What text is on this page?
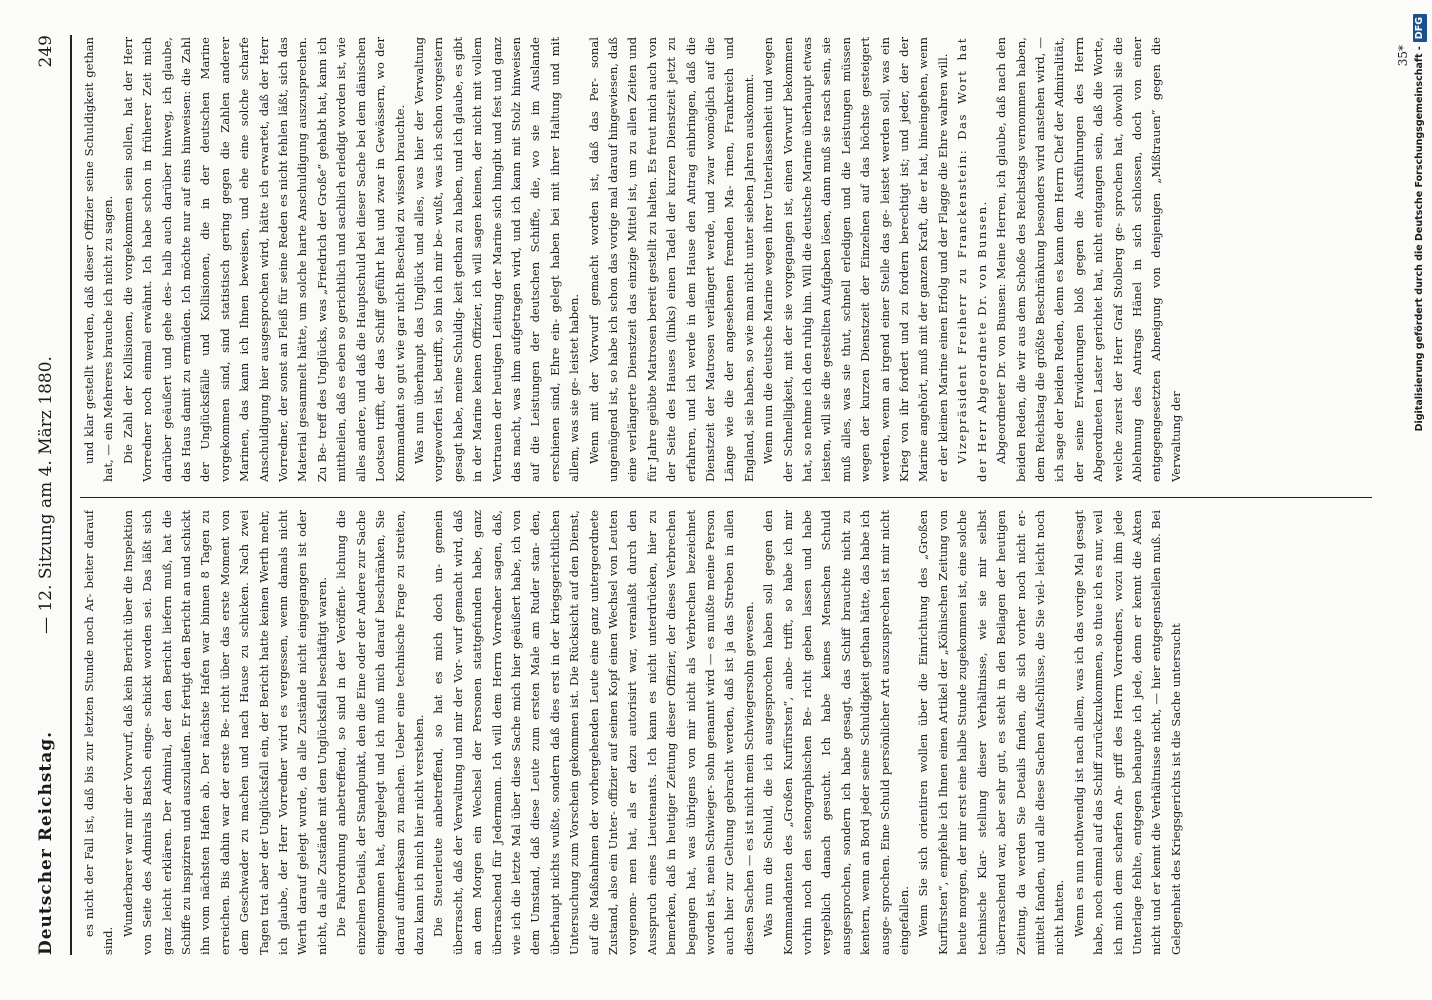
Deutscher Reichstag.
— 12. Sitzung am 4. März 1880.
249

es nicht der Fall ist, daß bis zur letzten Stunde noch Ar- beiter darauf sind.

Wunderbarer war mir der Vorwurf, daß kein Bericht über die Inspektion von Seite des Admirals Batsch einge- schickt worden sei. Das läßt sich ganz leicht erklären. Der Admiral, der den Bericht liefern muß, hat die Schiffe zu inspiziren und auszulaufen. Er fertigt den Bericht an und schickt ihn vom nächsten Hafen ab. Der nächste Hafen war binnen 8 Tagen zu erreichen. Bis dahin war der erste Be- richt über das erste Moment von dem Geschwader zu machen und nach Hause zu schicken. Nach zwei Tagen trat aber der Unglücksfall ein, der Bericht hatte keinen Werth mehr, ich glaube, der Herr Vorredner wird es vergessen, wenn damals nicht Werth darauf gelegt wurde, da alle Zustände nicht eingegangen ist oder nicht, da alle Zustände mit dem Unglücksfall beschäftigt waren. Die Fahrordnung anbetreffend, so sind in der Veröffent- lichung die einzelnen Details, der Standpunkt, den die Eine oder der Andere zur Sache eingenommen hat, dargelegt und ich muß mich darauf beschränken, Sie darauf aufmerksam zu machen. Ueber eine technische Frage zu streiten, dazu kann ich mich hier nicht verstehen. Die Steuerleute anbetreffend, so hat es mich doch un- gemein überrascht, daß der Verwaltung und mir der Vor- wurf gemacht wird, daß an dem Morgen ein Wechsel der Personen stattgefunden habe, ganz überraschend für Jedermann. Ich will dem Herrn Vorredner sagen, daß, wie ich die letzte Mal über diese Sache mich hier geäußert habe, ich von dem Umstand, daß diese Leute zum ersten Male am Ruder stan- den, überhaupt nichts wußte, sondern daß dies erst in der kriegsgerichtlichen Untersuchung zum Vorschein gekommen ist. Die Rücksicht auf den Dienst, auf die Maßnahmen der vorhergehenden Leute eine ganz untergeordnete Zustand, also ein Unter- offizier auf seinen Kopf einen Wechsel von Leuten vorgenom- men hat, als er dazu autorisirt war, veranlaßt durch den Ausspruch eines Lieutenants. Ich kann es nicht unterdrücken, hier zu bemerken, daß in heutiger Zeitung dieser Offizier, der dieses Verbrechen begangen hat, was übrigens von mir nicht als Verbrechen bezeichnet worden ist, mein Schwieger- sohn genannt wird — es mußte meine Person auch hier zur Geltung gebracht werden, daß ist ja das Streben in allen diesen Sachen — es ist nicht mein Schwiegersohn gewesen. Was nun die Schuld, die ich ausgesprochen haben soll gegen den Kommandanten des „Großen Kurfürsten“, anbe- trifft, so habe ich mir vorhin noch den stenographischen Be- richt geben lassen und habe vergeblich danach gesucht. Ich habe keines Menschen Schuld ausgesprochen, sondern ich habe gesagt, das Schiff brauchte nicht zu kentern, wenn an Bord jeder seine Schuldigkeit gethan hätte, das habe ich ausge- sprochen. Eine Schuld persönlicher Art auszusprechen ist mir nicht eingefallen. Wenn Sie sich orientiren wollen über die Einrichtung des „Großen Kurfürsten“, empfehle ich Ihnen einen Artikel der „Kölnischen Zeitung von heute morgen, der mir erst eine halbe Stunde zugekommen ist, eine solche technische Klar- stellung dieser Verhältnisse, wie sie mir selbst überraschend war, aber sehr gut, es steht in den Beilagen der heutigen Zeitung, da werden Sie Details finden, die sich vorher noch nicht er- mittelt fanden, und alle diese Sachen Aufschlüsse, die Sie viel- leicht noch nicht hatten. Wenn es nun nothwendig ist nach allem, was ich das vorige Mal gesagt habe, noch einmal auf das Schiff zurückzukommen, so thue ich es nur, weil ich mich dem scharfen An- griff des Herrn Vorredners, wozu ihm jede Unterlage fehlte, entgegen behaupte ich jede, denn er kennt die Akten nicht und er kennt die Verhältnisse nicht, — hier entgegenstellen muß. Bei Gelegenheit des Kriegsgerichts ist die Sache untersucht

und klar gestellt werden, daß dieser Offizier seine Schuldigkeit gethan hat, — ein Mehreres brauche ich nicht zu sagen. Die Zahl der Kollisionen, die vorgekommen sein sollen, hat der Herr Vorredner noch einmal erwähnt. Ich habe schon in früherer Zeit mich darüber geäußert und gehe des- halb auch darüber hinweg, ich glaube, das Haus damit zu ermüden. Ich möchte nur auf eins hinweisen: die Zahl der Unglücksfälle und Kollisionen, die in der deutschen Marine vorgekommen sind, sind statistisch gering gegen die Zahlen anderer Marinen, das kann ich Ihnen beweisen, und ehe eine solche scharfe Anschuldigung hier ausgesprochen wird, hätte ich erwartet, daß der Herr Vorredner, der sonst an Fleiß für seine Reden es nicht fehlen läßt, sich das Material gesammelt hätte, um solche harte Anschuldigung auszusprechen. Zu Be- treff des Unglücks, was „Friedrich der Große“ gehabt hat, kann ich mittheilen, daß es eben so gerichtlich und sachlich erledigt worden ist, wie alles andere, und daß die Hauptschuld bei dieser Sache bei dem dänischen Lootsen trifft, der das Schiff geführt hat und zwar in Gewässern, wo der Kommandant so gut wie gar nicht Bescheid zu wissen brauchte. Was nun überhaupt das Unglück und alles, was hier der Verwaltung vorgeworfen ist, betrifft, so bin ich mir be- wußt, was ich schon vorgestern gesagt habe, meine Schuldig- keit gethan zu haben, und ich glaube, es gibt in der Marine keinen Offizier, ich will sagen keinen, der nicht mit vollem Vertrauen der heutigen Leitung der Marine sich hingibt und fest und ganz das macht, was ihm aufgetragen wird, und ich kann mit Stolz hinweisen auf die Leistungen der deutschen Schiffe, die, wo sie im Auslande erschienen sind, Ehre ein- gelegt haben bei mit ihrer Haltung und mit allem, was sie ge- leistet haben. Wenn mit der Vorwurf gemacht worden ist, daß das Per- sonal ungenügend ist, so habe ich schon das vorige mal darauf hingewiesen, daß eine verlängerte Dienstzeit das einzige Mittel ist, um zu allen Zeiten und für Jahre geübte Matrosen bereit gestellt zu halten. Es freut mich auch von der Seite des Hauses (links) einen Tadel der kurzen Dienstzeit jetzt zu erfahren, und ich werde in dem Hause den Antrag einbringen, daß die Dienstzeit der Matrosen verlängert werde, und zwar womöglich auf die Länge wie die der angesehenen fremden Ma- rinen, Frankreich und England, sie haben, so wie man nicht unter sieben Jahren auskommt. Wenn nun die deutsche Marine wegen ihrer Unterlassenheit und wegen der Schnelligkeit, mit der sie vorgegangen ist, einen Vorwurf bekommen hat, so nehme ich den ruhig hin. Will die deutsche Marine überhaupt etwas leisten, will sie die gestellten Aufgaben lösen, dann muß sie rasch sein, sie muß alles, was sie thut, schnell erledigen und die Leistungen müssen wegen der kurzen Dienstzeit der Einzelnen auf das höchste gesteigert werden, wenn an irgend einer Stelle das ge- leistet werden soll, was ein Krieg von ihr fordert und zu fordern berechtigt ist; und jeder, der der Marine angehört, muß mit der ganzen Kraft, die er hat, hineingehen, wenn er der kleinen Marine einen Erfolg und der Flagge die Ehre wahren will. Vizepräsident Freiherr zu Franckenstein: Das Wort hat der Herr Abgeordnete Dr. von Bunsen. Abgeordneter Dr. von Bunsen: Meine Herren, ich glaube, daß nach den beiden Reden, die wir aus dem Schoße des Reichstags vernommen haben, dem Reichstag die größte Beschränkung besonders wird anstehen wird, — ich sage der beiden Reden, denn es kann dem Herrn Chef der Admiralität, der seine Erwiderungen bloß gegen die Ausführungen des Herrn Abgeordneten Laster gerichtet hat, nicht entgangen sein, daß die Worte, welche zuerst der Herr Graf Stolberg ge- sprochen hat, obwohl sie die Ablehnung des Antrags Hänel in sich schlossen, doch von einer entgegengesetzten Abneigung von denjenigen „Mißtrauen“ gegen die Verwaltung der

35* Digitalisierung gefördert durch die Deutsche Forschungsgemeinschaft -DFG
